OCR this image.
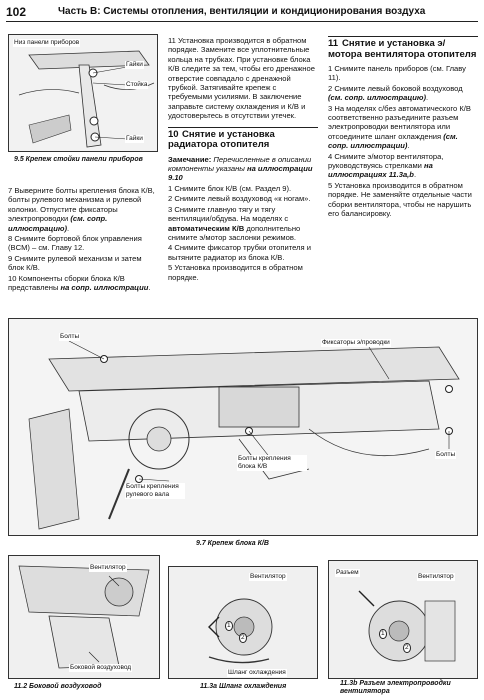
102	Часть В: Системы отопления, вентиляции и кондиционирования воздуха
Низ панели приборов
Гайки
Стойка
Гайки
9.5 Крепеж стойки панели приборов

7 Выверните болты крепления блока К/В, болты рулевого механизма и рулевой колонки. Отпустите фиксаторы электропроводки (см. сопр. иллюстрацию).

8 Снимите бортовой блок управления (BCM) – см. Главу 12.

9 Снимите рулевой механизм и затем блок К/В.

10 Компоненты сборки блока К/В представлены на сопр. иллюстрации.

11 Установка производится в обратном порядке. Замените все уплотнительные кольца на трубках. При установке блока К/В следите за тем, чтобы его дренажное отверстие совпадало с дренажной трубкой. Затягивайте крепеж с требуемыми усилиями. В заключение заправьте систему охлаждения и К/В и удостоверьтесь в отсутствии утечек.

10 Снятие и установка радиатора отопителя

Замечание: Перечисленные в описании компоненты указаны на иллюстрации 9.10

1 Снимите блок К/В (см. Раздел 9).

2 Снимите левый воздуховод «к ногам».

3 Снимите главную тягу и тягу вентиляции/обдува. На моделях с автоматическим К/В дополнительно снимите э/мотор заслонки режимов.

4 Снимите фиксатор трубки отопителя и вытяните радиатор из блока К/В.

5 Установка производится в обратном порядке.

11 Снятие и установка э/мотора вентилятора отопителя

1 Снимите панель приборов (см. Главу 11).

2 Снимите левый боковой воздуховод (см. сопр. иллюстрацию).

3 На моделях с/без автоматического К/В соответственно разъедините разъем электропроводки вентилятора или отсоедините шланг охлаждения (см. сопр. иллюстрации).

4 Снимите э/мотор вентилятора, руководствуясь стрелками на иллюстрациях 11.3а,b.

5 Установка производится в обратном порядке. Не заменяйте отдельные части сборки вентилятора, чтобы не нарушить его балансировку.

Болты
Фиксаторы э/проводки
Болты крепления блока К/В
Болты
Болты крепления рулевого вала
9.7 Крепеж блока К/В
Вентилятор
Боковой воздуховод
11.2 Боковой воздуховод
Вентилятор
Шланг охлаждения
1
2
11.3a Шланг охлаждения
Разъем
Вентилятор
1
2
11.3b Разъем электропроводки вентилятора
